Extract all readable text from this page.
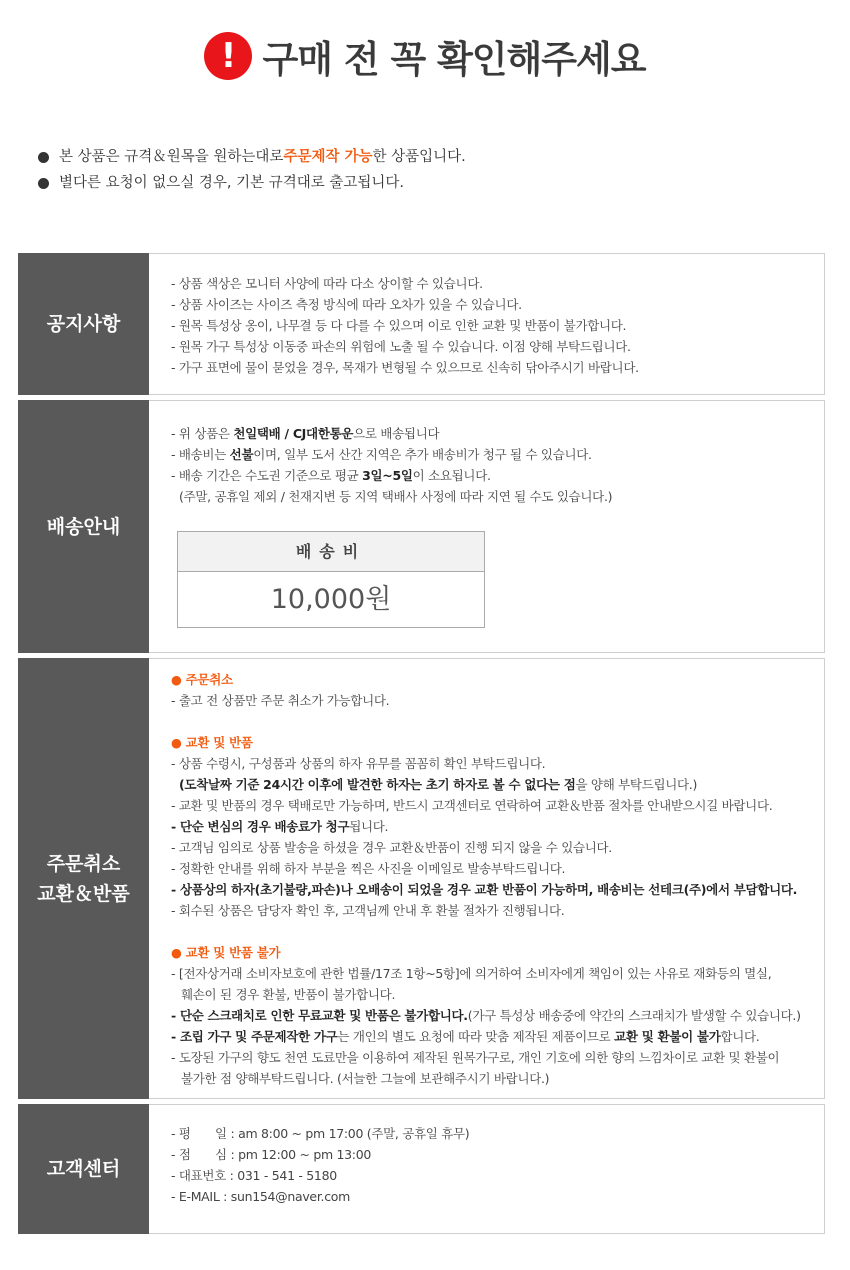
! 구매 전 꼭 확인해주세요
본 상품은 규격＆원목을 원하는대로 주문제작 가능 한 상품입니다.
별다른 요청이 없으실 경우, 기본 규격대로 출고됩니다.
공지사항

- 상품 색상은 모니터 사양에 따라 다소 상이할 수 있습니다.

- 상품 사이즈는 사이즈 측정 방식에 따라 오차가 있을 수 있습니다.

- 원목 특성상 옹이, 나무결 등 다 다를 수 있으며 이로 인한 교환 및 반품이 불가합니다.

- 원목 가구 특성상 이동중 파손의 위험에 노출 될 수 있습니다. 이점 양해 부탁드립니다.

- 가구 표면에 물이 묻었을 경우, 목재가 변형될 수 있으므로 신속히 닦아주시기 바랍니다.

배송안내

- 위 상품은 천일택배 / CJ대한통운으로 배송됩니다

- 배송비는 선불이며, 일부 도서 산간 지역은 추가 배송비가 청구 될 수 있습니다.

- 배송 기간은 수도권 기준으로 평균 3일~5일이 소요됩니다.

(주말, 공휴일 제외 / 천재지변 등 지역 택배사 사정에 따라 지연 될 수도 있습니다.)

배송비
10,000원
주문취소
교환＆반품

● 주문취소

- 출고 전 상품만 주문 취소가 가능합니다.

● 교환 및 반품

- 상품 수령시, 구성품과 상품의 하자 유무를 꼼꼼히 확인 부탁드립니다.

(도착날짜 기준 24시간 이후에 발견한 하자는 초기 하자로 볼 수 없다는 점을 양해 부탁드립니다.)

- 교환 및 반품의 경우 택배로만 가능하며, 반드시 고객센터로 연락하여 교환＆반품 절차를 안내받으시길 바랍니다.

- 단순 변심의 경우 배송료가 청구됩니다.

- 고객님 임의로 상품 발송을 하셨을 경우 교환＆반품이 진행 되지 않을 수 있습니다.

- 정확한 안내를 위해 하자 부분을 찍은 사진을 이메일로 발송부탁드립니다.

- 상품상의 하자(초기불량,파손)나 오배송이 되었을 경우 교환 반품이 가능하며, 배송비는 선테크(주)에서 부담합니다.

- 회수된 상품은 담당자 확인 후, 고객님께 안내 후 환불 절차가 진행됩니다.

● 교환 및 반품 불가

- [전자상거래 소비자보호에 관한 법률/17조 1항~5항]에 의거하여 소비자에게 책임이 있는 사유로 재화등의 멸실,

훼손이 된 경우 환불, 반품이 불가합니다.

- 단순 스크래치로 인한 무료교환 및 반품은 불가합니다.(가구 특성상 배송중에 약간의 스크래치가 발생할 수 있습니다.)

- 조립 가구 및 주문제작한 가구는 개인의 별도 요청에 따라 맞춤 제작된 제품이므로 교환 및 환불이 불가합니다.

- 도장된 가구의 향도 천연 도료만을 이용하여 제작된 원목가구로, 개인 기호에 의한 향의 느낌차이로 교환 및 환불이

불가한 점 양해부탁드립니다. (서늘한 그늘에 보관해주시기 바랍니다.)

고객센터

- 평　　일 : am 8:00 ~ pm 17:00 (주말, 공휴일 휴무)

- 점　　심 : pm 12:00 ~ pm 13:00

- 대표번호 : 031 - 541 - 5180

- E-MAIL : sun154@naver.com
